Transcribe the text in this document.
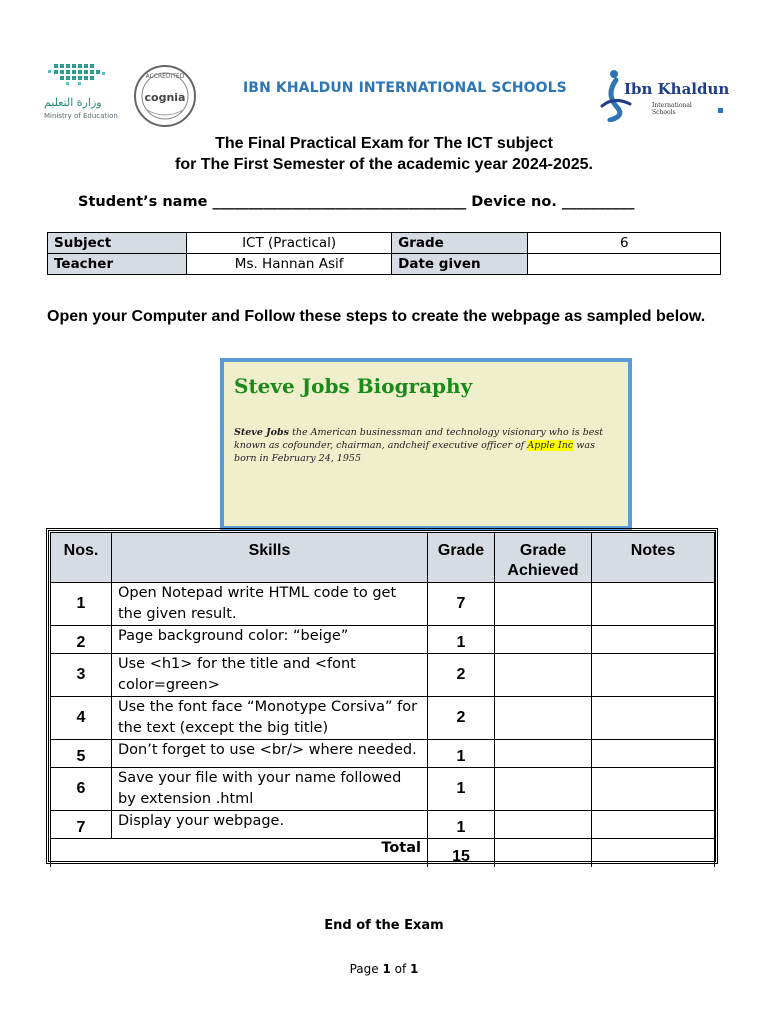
وزارة التعليم
Ministry of Education
ACCREDITED
cognia
IBN KHALDUN INTERNATIONAL SCHOOLS	Ibn Khaldun
International
Schools
The Final Practical Exam for The ICT subject
for The First Semester of the academic year 2024-2025.
Student’s name ___________________________________ Device no. __________
Subject	ICT (Practical)	Grade	6
Teacher	Ms. Hannan Asif	Date given	
Open your Computer and Follow these steps to create the webpage as sampled below.
Steve Jobs Biography
Steve Jobs the American businessman and technology visionary who is best known as cofounder, chairman, andcheif executive officer of Apple Inc was born in February 24, 1955
Nos.	Skills	Grade	Grade Achieved	Notes
1	Open Notepad write HTML code to get the given result.	7		
2	Page background color: “beige”	1		
3	Use <h1> for the title and <font color=green>	2		
4	Use the font face “Monotype Corsiva” for the text (except the big title)	2		
5	Don’t forget to use <br/> where needed.	1		
6	Save your file with your name followed by extension .html	1		
7	Display your webpage.	1		
Total		15		
End of the Exam
Page 1 of 1
